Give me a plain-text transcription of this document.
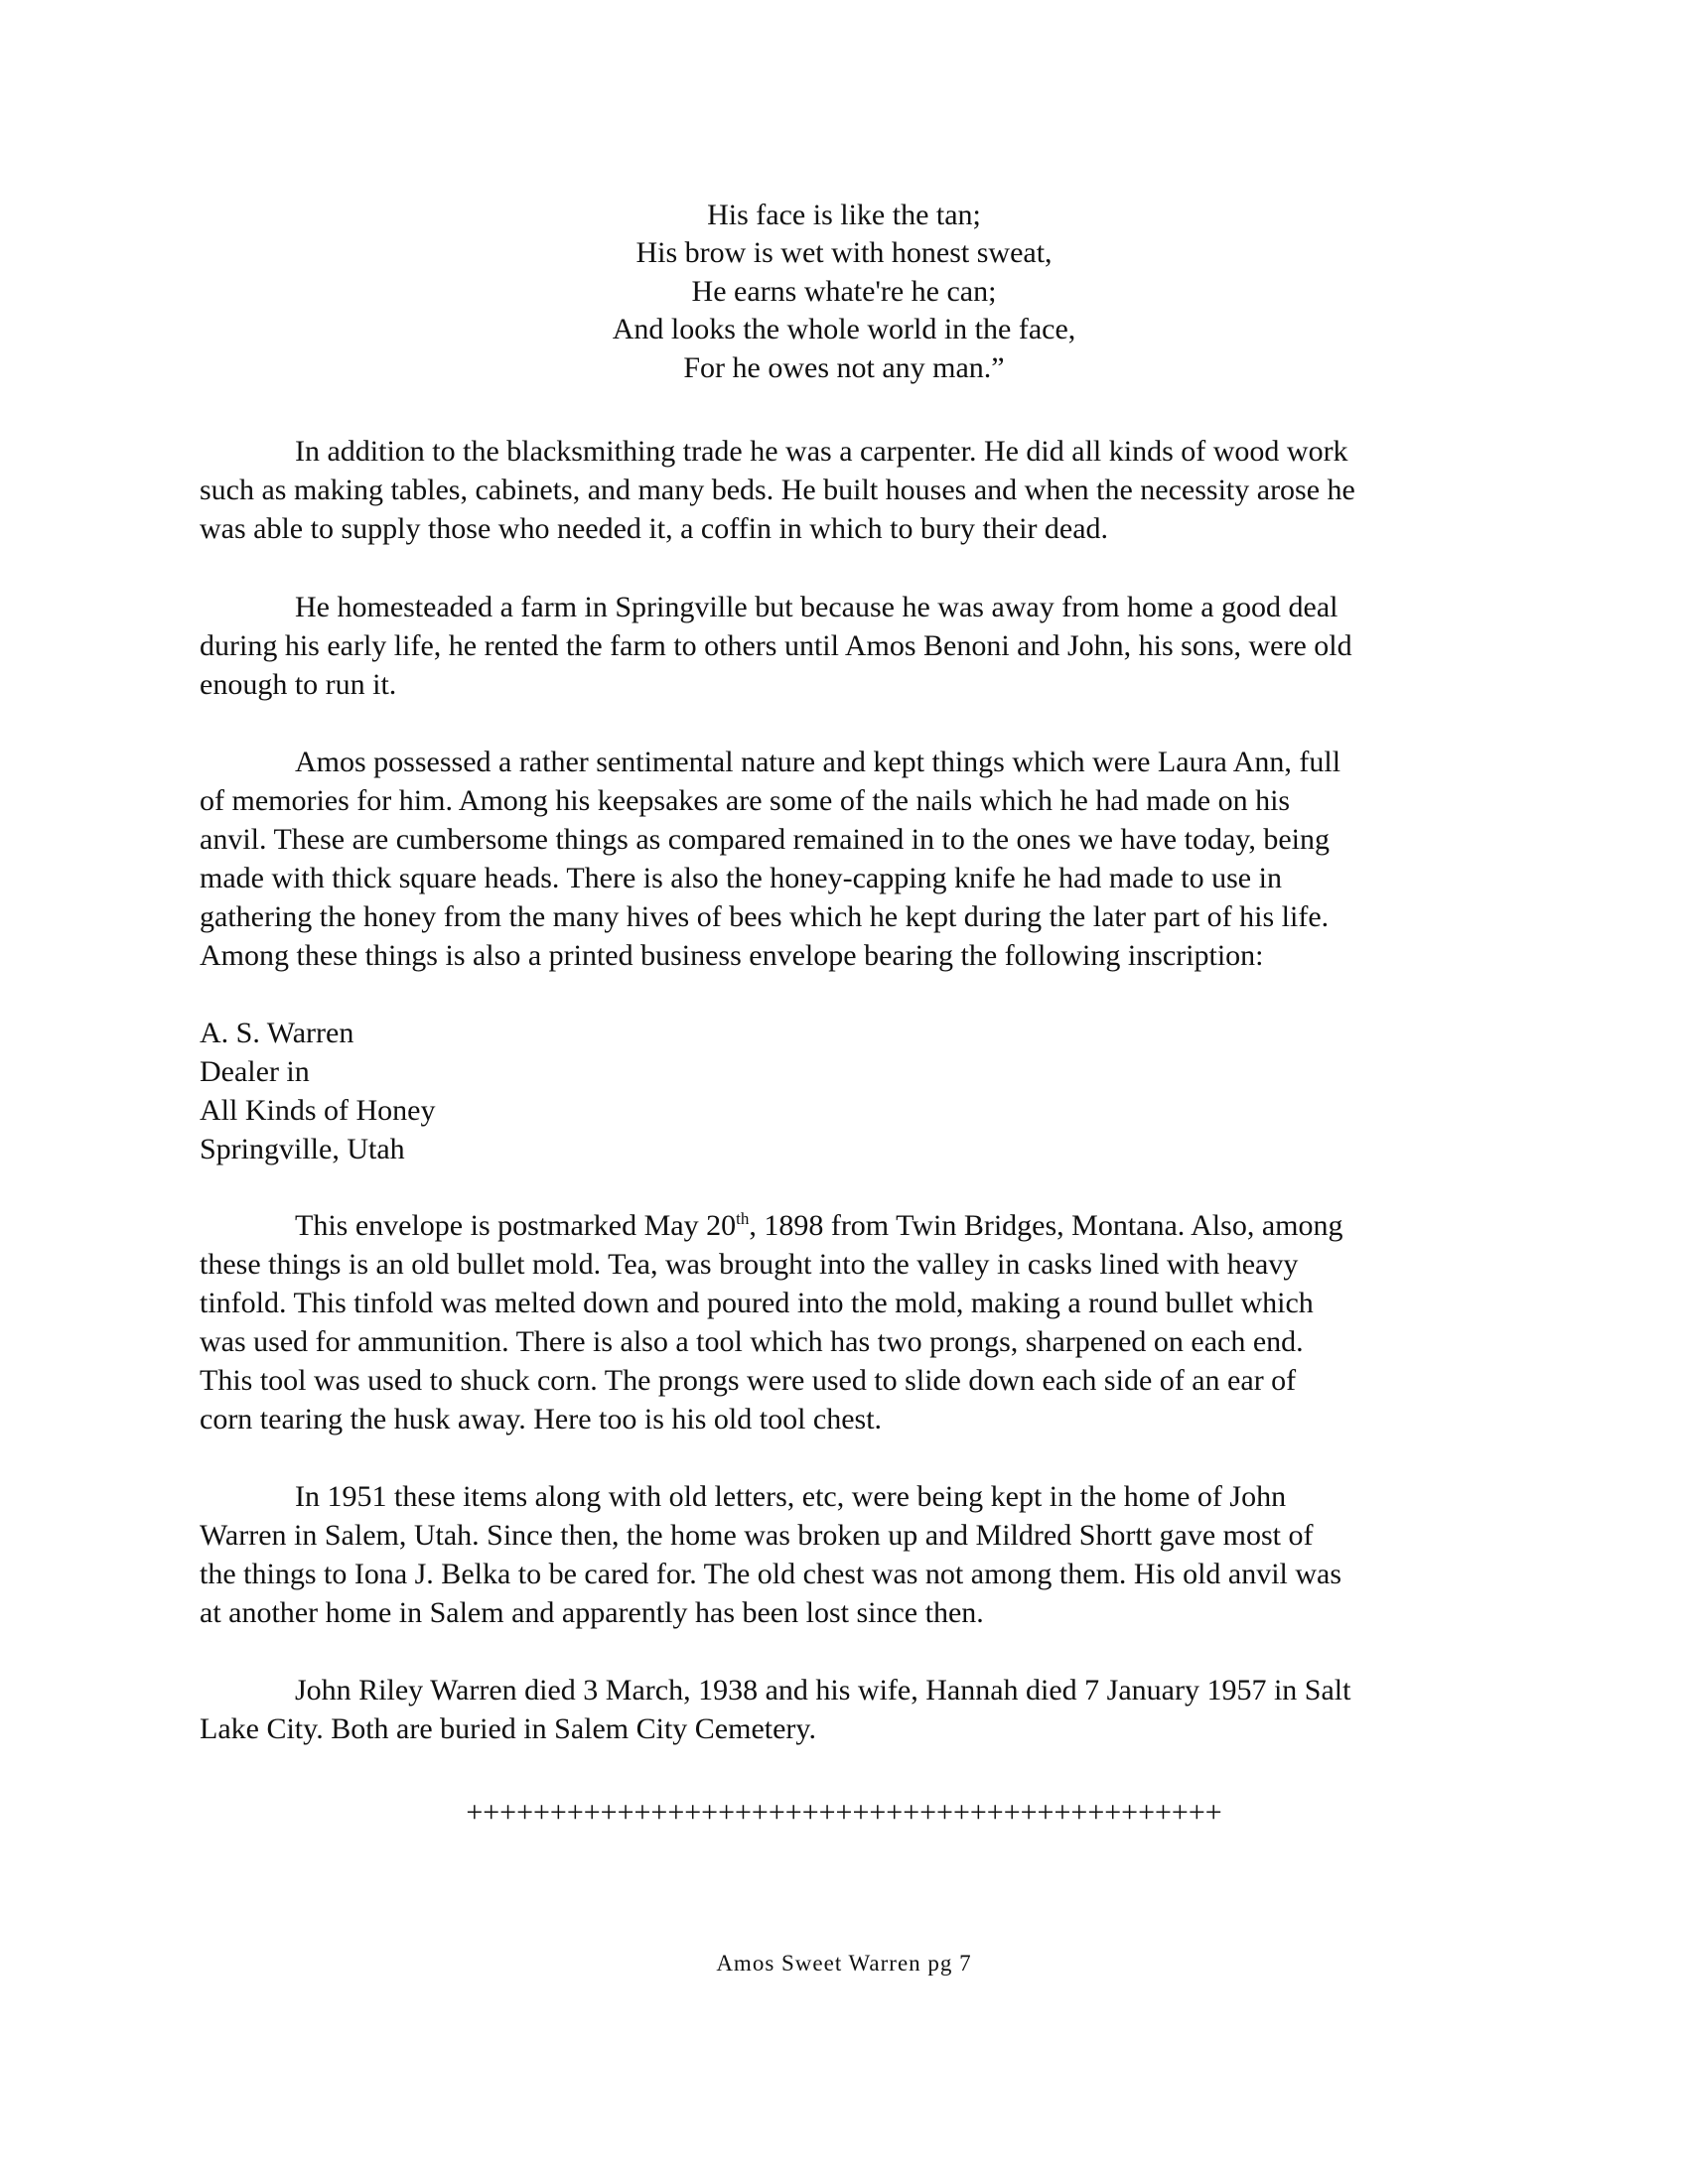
His face is like the tan;
His brow is wet with honest sweat,
He earns whate're he can;
And looks the whole world in the face,
For he owes not any man.”

In addition to the blacksmithing trade he was a carpenter. He did all kinds of wood work
such as making tables, cabinets, and many beds. He built houses and when the necessity arose he
was able to supply those who needed it, a coffin in which to bury their dead.

He homesteaded a farm in Springville but because he was away from home a good deal
during his early life, he rented the farm to others until Amos Benoni and John, his sons, were old
enough to run it.

Amos possessed a rather sentimental nature and kept things which were Laura Ann, full
of memories for him. Among his keepsakes are some of the nails which he had made on his
anvil. These are cumbersome things as compared remained in to the ones we have today, being
made with thick square heads. There is also the honey-capping knife he had made to use in
gathering the honey from the many hives of bees which he kept during the later part of his life.
Among these things is also a printed business envelope bearing the following inscription:

A. S. Warren
Dealer in
All Kinds of Honey
Springville, Utah

This envelope is postmarked May 20th, 1898 from Twin Bridges, Montana. Also, among
these things is an old bullet mold. Tea, was brought into the valley in casks lined with heavy
tinfold. This tinfold was melted down and poured into the mold, making a round bullet which
was used for ammunition. There is also a tool which has two prongs, sharpened on each end.
This tool was used to shuck corn. The prongs were used to slide down each side of an ear of
corn tearing the husk away. Here too is his old tool chest.

In 1951 these items along with old letters, etc, were being kept in the home of John
Warren in Salem, Utah. Since then, the home was broken up and Mildred Shortt gave most of
the things to Iona J. Belka to be cared for. The old chest was not among them. His old anvil was
at another home in Salem and apparently has been lost since then.

John Riley Warren died 3 March, 1938 and his wife, Hannah died 7 January 1957 in Salt
Lake City. Both are buried in Salem City Cemetery.

+++++++++++++++++++++++++++++++++++++++++++++
Amos Sweet Warren pg 7
